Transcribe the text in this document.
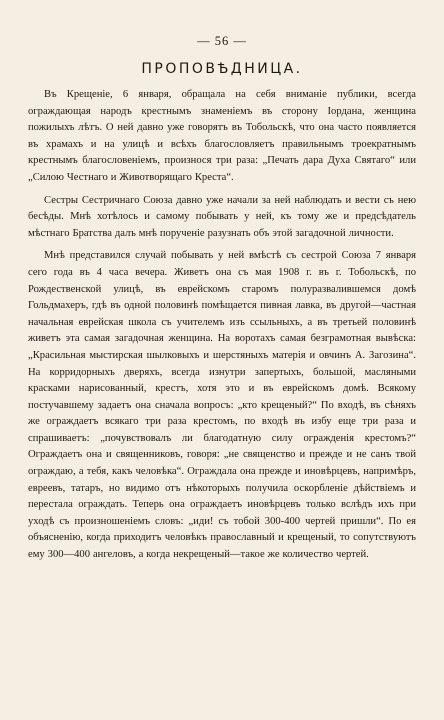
— 56 —
ПРОПОВѢДНИЦА.

Въ Крещеніе, 6 января, обращала на себя вниманіе публики, всегда ограждающая народъ крестнымъ знаменіемъ въ сторону Іордана, женщина пожилыхъ лѣтъ. О ней давно уже говорятъ въ Тобольскѣ, что она часто появляется въ храмахъ и на улицѣ и всѣхъ благословляетъ правильнымъ троекратнымъ крестнымъ благословеніемъ, произнося три раза: „Печать дара Духа Святаго“ или „Силою Честнаго и Животворящаго Креста“.

Сестры Сестричнаго Союза давно уже начали за ней наблюдать и вести съ нею бесѣды. Мнѣ хотѣлось и самому побывать у ней, къ тому же и предсѣдатель мѣстнаго Братства далъ мнѣ порученіе разузнать объ этой загадочной личности.

Мнѣ представился случай побывать у ней вмѣстѣ съ сестрой Союза 7 января сего года въ 4 часа вечера. Живетъ она съ мая 1908 г. въ г. Тобольскѣ, по Рождественской улицѣ, въ еврейскомъ старомъ полуразвалившемся домѣ Гольдмахеръ, гдѣ въ одной половинѣ помѣщается пивная лавка, въ другой—частная начальная еврейская школа съ учителемъ изъ ссыльныхъ, а въ третьей половинѣ живетъ эта самая загадочная женщина. На воротахъ самая безграмотная вывѣска: „Красильная мыстирская шылковыхъ и шерстяныхъ матерія и овчинъ А. Загозина“. На корридорныхъ дверяхъ, всегда изнутри запертыхъ, большой, масляными красками нарисованный, крестъ, хотя это и въ еврейскомъ домѣ. Всякому постучавшему задаетъ она сначала вопросъ: „кто крещеный?“ По входѣ, въ сѣняхъ же ограждаетъ всякаго три раза крестомъ, по входѣ въ избу еще три раза и спрашиваетъ: „почувствовалъ ли благодатную силу огражденія крестомъ?“ Ограждаетъ она и священниковъ, говоря: „не священство и прежде и не санъ твой ограждаю, а тебя, какъ человѣка“. Ограждала она прежде и иновѣрцевъ, напримѣръ, евреевъ, татаръ, но видимо отъ нѣкоторыхъ получила оскорбленіе дѣйствіемъ и перестала ограждать. Теперь она ограждаетъ иновѣрцевъ только вслѣдъ ихъ при уходѣ съ произношеніемъ словъ: „иди! съ тобой 300-400 чертей пришли“. По ея объясненію, когда приходитъ человѣкъ православный и крещеный, то сопутствуютъ ему 300—400 ангеловъ, а когда некрещеный—такое же количество чертей.
